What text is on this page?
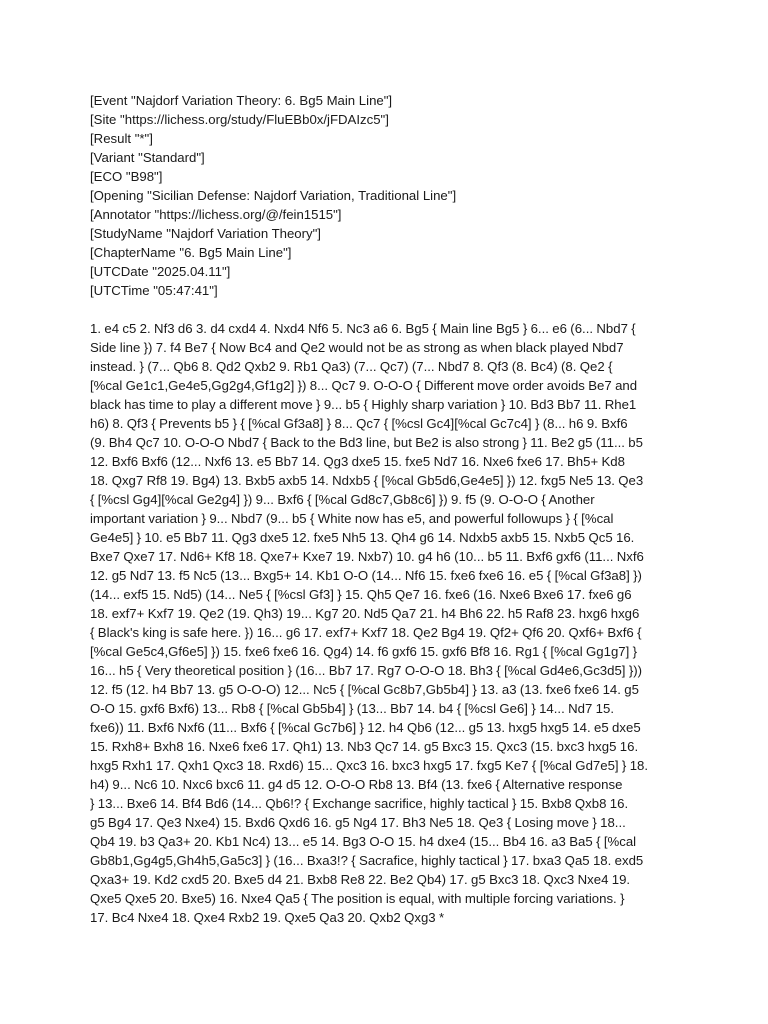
[Event "Najdorf Variation Theory: 6. Bg5 Main Line"]
[Site "https://lichess.org/study/FluEBb0x/jFDAIzc5"]
[Result "*"]
[Variant "Standard"]
[ECO "B98"]
[Opening "Sicilian Defense: Najdorf Variation, Traditional Line"]
[Annotator "https://lichess.org/@/fein1515"]
[StudyName "Najdorf Variation Theory"]
[ChapterName "6. Bg5 Main Line"]
[UTCDate "2025.04.11"]
[UTCTime "05:47:41"]
1. e4 c5 2. Nf3 d6 3. d4 cxd4 4. Nxd4 Nf6 5. Nc3 a6 6. Bg5 { Main line Bg5 } 6... e6 (6... Nbd7 {
Side line }) 7. f4 Be7 { Now Bc4 and Qe2 would not be as strong as when black played Nbd7
instead. } (7... Qb6 8. Qd2 Qxb2 9. Rb1 Qa3) (7... Qc7) (7... Nbd7 8. Qf3 (8. Bc4) (8. Qe2 {
[%cal Ge1c1,Ge4e5,Gg2g4,Gf1g2] }) 8... Qc7 9. O-O-O { Different move order avoids Be7 and
black has time to play a different move } 9... b5 { Highly sharp variation } 10. Bd3 Bb7 11. Rhe1
h6) 8. Qf3 { Prevents b5 } { [%cal Gf3a8] } 8... Qc7 { [%csl Gc4][%cal Gc7c4] } (8... h6 9. Bxf6
(9. Bh4 Qc7 10. O-O-O Nbd7 { Back to the Bd3 line, but Be2 is also strong } 11. Be2 g5 (11... b5
12. Bxf6 Bxf6 (12... Nxf6 13. e5 Bb7 14. Qg3 dxe5 15. fxe5 Nd7 16. Nxe6 fxe6 17. Bh5+ Kd8
18. Qxg7 Rf8 19. Bg4) 13. Bxb5 axb5 14. Ndxb5 { [%cal Gb5d6,Ge4e5] }) 12. fxg5 Ne5 13. Qe3
{ [%csl Gg4][%cal Ge2g4] }) 9... Bxf6 { [%cal Gd8c7,Gb8c6] }) 9. f5 (9. O-O-O { Another
important variation } 9... Nbd7 (9... b5 { White now has e5, and powerful followups } { [%cal
Ge4e5] } 10. e5 Bb7 11. Qg3 dxe5 12. fxe5 Nh5 13. Qh4 g6 14. Ndxb5 axb5 15. Nxb5 Qc5 16.
Bxe7 Qxe7 17. Nd6+ Kf8 18. Qxe7+ Kxe7 19. Nxb7) 10. g4 h6 (10... b5 11. Bxf6 gxf6 (11... Nxf6
12. g5 Nd7 13. f5 Nc5 (13... Bxg5+ 14. Kb1 O-O (14... Nf6 15. fxe6 fxe6 16. e5 { [%cal Gf3a8] })
(14... exf5 15. Nd5) (14... Ne5 { [%csl Gf3] } 15. Qh5 Qe7 16. fxe6 (16. Nxe6 Bxe6 17. fxe6 g6
18. exf7+ Kxf7 19. Qe2 (19. Qh3) 19... Kg7 20. Nd5 Qa7 21. h4 Bh6 22. h5 Raf8 23. hxg6 hxg6
{ Black's king is safe here. }) 16... g6 17. exf7+ Kxf7 18. Qe2 Bg4 19. Qf2+ Qf6 20. Qxf6+ Bxf6 {
[%cal Ge5c4,Gf6e5] }) 15. fxe6 fxe6 16. Qg4) 14. f6 gxf6 15. gxf6 Bf8 16. Rg1 { [%cal Gg1g7] }
16... h5 { Very theoretical position } (16... Bb7 17. Rg7 O-O-O 18. Bh3 { [%cal Gd4e6,Gc3d5] }))
12. f5 (12. h4 Bb7 13. g5 O-O-O) 12... Nc5 { [%cal Gc8b7,Gb5b4] } 13. a3 (13. fxe6 fxe6 14. g5
O-O 15. gxf6 Bxf6) 13... Rb8 { [%cal Gb5b4] } (13... Bb7 14. b4 { [%csl Ge6] } 14... Nd7 15.
fxe6)) 11. Bxf6 Nxf6 (11... Bxf6 { [%cal Gc7b6] } 12. h4 Qb6 (12... g5 13. hxg5 hxg5 14. e5 dxe5
15. Rxh8+ Bxh8 16. Nxe6 fxe6 17. Qh1) 13. Nb3 Qc7 14. g5 Bxc3 15. Qxc3 (15. bxc3 hxg5 16.
hxg5 Rxh1 17. Qxh1 Qxc3 18. Rxd6) 15... Qxc3 16. bxc3 hxg5 17. fxg5 Ke7 { [%cal Gd7e5] } 18.
h4) 9... Nc6 10. Nxc6 bxc6 11. g4 d5 12. O-O-O Rb8 13. Bf4 (13. fxe6 { Alternative response
} 13... Bxe6 14. Bf4 Bd6 (14... Qb6!? { Exchange sacrifice, highly tactical } 15. Bxb8 Qxb8 16.
g5 Bg4 17. Qe3 Nxe4) 15. Bxd6 Qxd6 16. g5 Ng4 17. Bh3 Ne5 18. Qe3 { Losing move } 18...
Qb4 19. b3 Qa3+ 20. Kb1 Nc4) 13... e5 14. Bg3 O-O 15. h4 dxe4 (15... Bb4 16. a3 Ba5 { [%cal
Gb8b1,Gg4g5,Gh4h5,Ga5c3] } (16... Bxa3!? { Sacrafice, highly tactical } 17. bxa3 Qa5 18. exd5
Qxa3+ 19. Kd2 cxd5 20. Bxe5 d4 21. Bxb8 Re8 22. Be2 Qb4) 17. g5 Bxc3 18. Qxc3 Nxe4 19.
Qxe5 Qxe5 20. Bxe5) 16. Nxe4 Qa5 { The position is equal, with multiple forcing variations. }
17. Bc4 Nxe4 18. Qxe4 Rxb2 19. Qxe5 Qa3 20. Qxb2 Qxg3 *
